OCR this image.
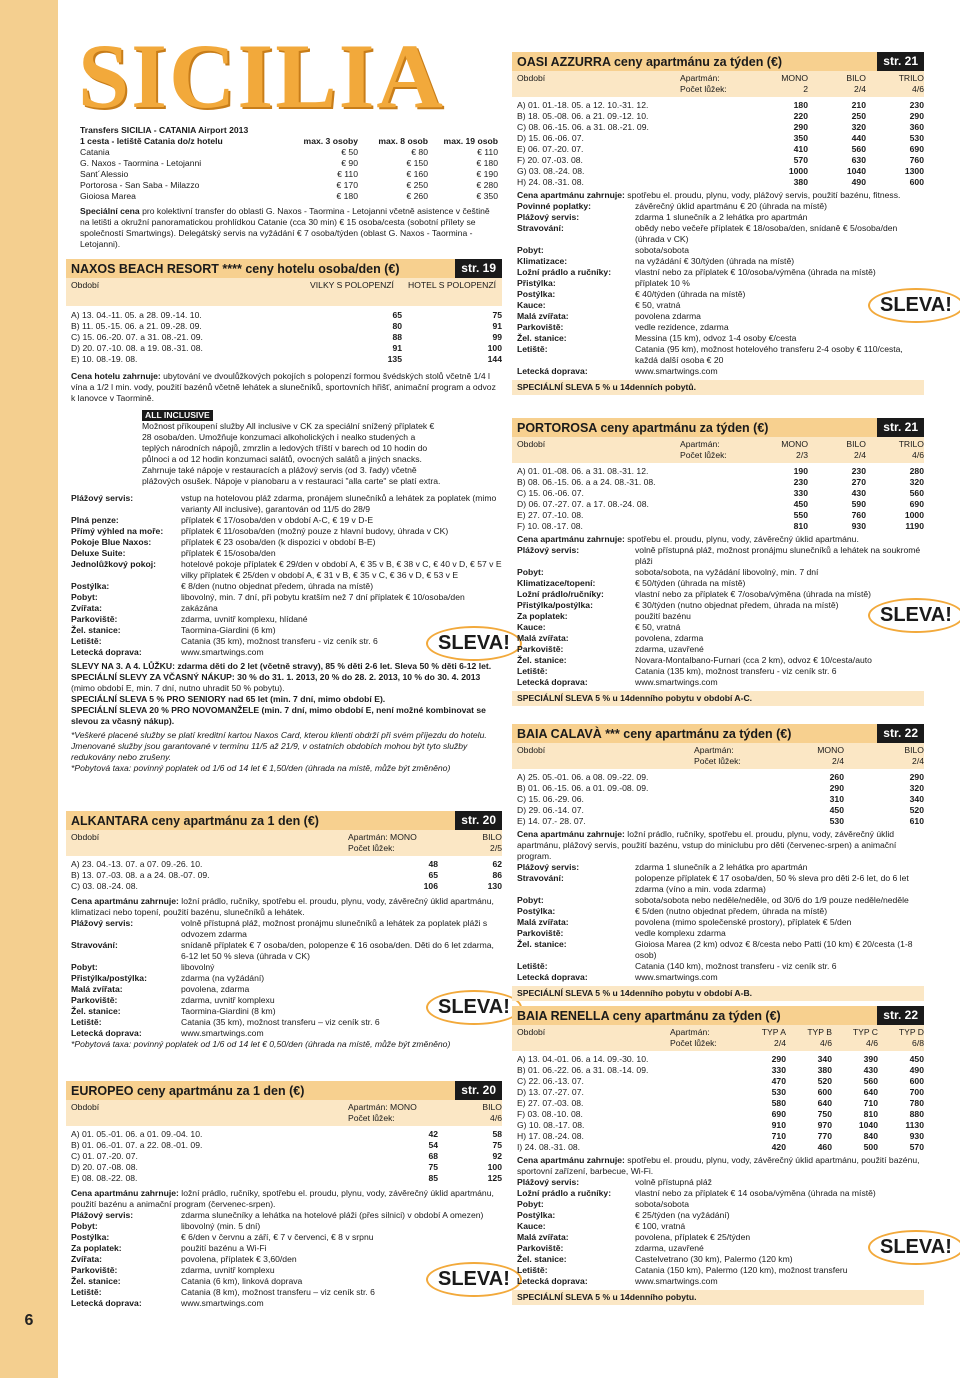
6
SICILIA
Transfers SICILIA - CATANIA Airport 2013
1 cesta - letiště Catania do/z hotelu	max. 3 osoby	max. 8 osob	max. 19 osob
Catania	€ 50	€ 80	€ 110
G. Naxos - Taormina - Letojanni	€ 90	€ 150	€ 180
Sant´Alessio	€ 110	€ 160	€ 190
Portorosa - San Saba - Milazzo	€ 170	€ 250	€ 280
Gioiosa Marea	€ 180	€ 260	€ 350
Speciální cena pro kolektivní transfer do oblasti G. Naxos - Taormina - Letojanni včetně asistence v češtině na letišti a okružní panoramatickou prohlídkou Catanie (cca 30 min) € 15 osoba/cesta (sobotní přílety se společností Smartwings). Delegátský servis na vyžádání € 7 osoba/týden (oblast G. Naxos - Taormina - Letojanni).
NAXOS BEACH RESORT **** ceny hotelu osoba/den (€)	str. 19
Období	VILKY S POLOPENZÍ	HOTEL S POLOPENZÍ
A) 13. 04.-11. 05. a 28. 09.-14. 10.	65	75
B) 11. 05.-15. 06. a 21. 09.-28. 09.	80	91
C) 15. 06.-20. 07. a 31. 08.-21. 09.	88	99
D) 20. 07.-10. 08. a 19. 08.-31. 08.	91	100
E) 10. 08.-19. 08.	135	144
Cena hotelu zahrnuje: ubytování ve dvoulůžkových pokojích s polopenzí formou švédských stolů včetně 1/4 l vína a 1/2 l min. vody, použití bazénů včetně lehátek a slunečníků, sportovních hřišť, animační program a odvoz k lanovce v Taormině.
ALL INCLUSIVE
Možnost příkoupení služby All inclusive v CK za speciální snížený příplatek € 28 osoba/den. Umožňuje konzumaci alkoholických i nealko studených a teplých národních nápojů, zmrzlin a ledových tříští v barech od 10 hodin do půlnoci a od 12 hodin konzumaci salátů, ovocných salátů a jiných snacks. Zahrnuje také nápoje v restauracích a plážový servis (od 3. řady) včetně plážových osušek. Nápoje v pianobaru a v restauraci "alla carte" se platí extra.
Plážový servis:	vstup na hotelovou pláž zdarma, pronájem slunečníků a lehátek za poplatek (mimo varianty All inclusive), garantován od 11/5 do 28/9
Plná penze:	příplatek € 17/osoba/den v období A-C, € 19 v D-E
Přímý výhled na moře:	příplatek € 11/osoba/den (možný pouze z hlavní budovy, úhrada v CK)
Pokoje Blue Naxos:	příplatek € 23 osoba/den (k dispozici v období B-E)
Deluxe Suite:	příplatek € 15/osoba/den
Jednolůžkový pokoj:	hotelové pokoje příplatek € 29/den v období A, € 35 v B, € 38 v C, € 40 v D, € 57 v E vilky příplatek € 25/den v období A, € 31 v B, € 35 v C, € 36 v D, € 53 v E
Postýlka:	€ 8/den (nutno objednat předem, úhrada na místě)
Pobyt:	libovolný, min. 7 dní, při pobytu kratším než 7 dní příplatek € 10/osoba/den
Zvířata:	zakázána
Parkoviště:	zdarma, uvnitř komplexu, hlídané
Žel. stanice:	Taormina-Giardini (6 km)
Letiště:	Catania (35 km), možnost transferu - viz ceník str. 6
Letecká doprava:	www.smartwings.com
SLEVY NA 3. A 4. LŮŽKU: zdarma děti do 2 let (včetně stravy), 85 % děti 2-6 let. Sleva 50 % děti 6-12 let.
SPECIÁLNÍ SLEVY ZA VČASNÝ NÁKUP: 30 % do 31. 1. 2013, 20 % do 28. 2. 2013, 10 % do 30. 4. 2013
(mimo období E, min. 7 dní, nutno uhradit 50 % pobytu).
SPECIÁLNÍ SLEVA 5 % PRO SENIORY nad 65 let (min. 7 dní, mimo období E).
SPECIÁLNÍ SLEVA 20 % PRO NOVOMANŽELE (min. 7 dní, mimo období E, není možné kombinovat se slevou za včasný nákup).
*Veškeré placené služby se platí kreditní kartou Naxos Card, kterou klienti obdrží při svém příjezdu do hotelu.
Jmenované služby jsou garantované v termínu 11/5 až 21/9, v ostatních obdobích mohou být tyto služby redukovány nebo zrušeny.
*Pobytová taxa: povinný poplatek od 1/6 od 14 let € 1,50/den (úhrada na místě, může být změněno)
SLEVA!
ALKANTARA ceny apartmánu za 1 den (€)	str. 20
Období	Apartmán: MONO	BILO
Počet lůžek:	2/5
A) 23. 04.-13. 07. a 07. 09.-26. 10.	48	62
B) 13. 07.-03. 08. a a 24. 08.-07. 09.	65	86
C) 03. 08.-24. 08.	106	130
Cena apartmánu zahrnuje: ložní prádlo, ručníky, spotřebu el. proudu, plynu, vody, závěrečný úklid apartmánu, klimatizaci nebo topení, použití bazénu, slunečníků a lehátek.
Plážový servis:	volně přístupná pláž, možnost pronájmu slunečníků a lehátek za poplatek pláži s odvozem zdarma
Stravování:	snídaně příplatek € 7 osoba/den, polopenze € 16 osoba/den. Děti do 6 let zdarma, 6-12 let 50 % sleva (úhrada v CK)
Pobyt:	libovolný
Přistýlka/postýlka:	zdarma (na vyžádání)
Malá zvířata:	povolena, zdarma
Parkoviště:	zdarma, uvnitř komplexu
Žel. stanice:	Taormina-Giardini (8 km)
Letiště:	Catania (35 km), možnost transferu – viz ceník str. 6
Letecká doprava:	www.smartwings.com
*Pobytová taxa: povinný poplatek od 1/6 od 14 let € 0,50/den (úhrada na místě, může být změněno)
SLEVA!
EUROPEO ceny apartmánu za 1 den (€)	str. 20
Období	Apartmán: MONO	BILO
Počet lůžek:	4/6
A) 01. 05.-01. 06. a 01. 09.-04. 10.	42	58
B) 01. 06.-01. 07. a 22. 08.-01. 09.	54	75
C) 01. 07.-20. 07.	68	92
D) 20. 07.-08. 08.	75	100
E) 08. 08.-22. 08.	85	125
Cena apartmánu zahrnuje: ložní prádlo, ručníky, spotřebu el. proudu, plynu, vody, závěrečný úklid apartmánu, použití bazénu a animační program (červenec-srpen).
Plážový servis:	zdarma slunečníky a lehátka na hotelové pláži (přes silnici) v období A omezen)
Pobyt:	libovolný (min. 5 dní)
Postýlka:	€ 6/den v červnu a září, € 7 v červenci, € 8 v srpnu
Za poplatek:	použití bazénu a Wi-Fi
Zvířata:	povolena, příplatek € 3,60/den
Parkoviště:	zdarma, uvnitř komplexu
Žel. stanice:	Catania (6 km), linková doprava
Letiště:	Catania (8 km), možnost transferu – viz ceník str. 6
Letecká doprava:	www.smartwings.com
SLEVA!
OASI AZZURRA ceny apartmánu za týden (€)	str. 21
Období	Apartmán:	MONO	BILO	TRILO
Počet lůžek:	2	2/4	4/6
A) 01. 01.-18. 05. a 12. 10.-31. 12.	180	210	230
B) 18. 05.-08. 06. a 21. 09.-12. 10.	220	250	290
C) 08. 06.-15. 06. a 31. 08.-21. 09.	290	320	360
D) 15. 06.-06. 07.	350	440	530
E) 06. 07.-20. 07.	410	560	690
F) 20. 07.-03. 08.	570	630	760
G) 03. 08.-24. 08.	1000	1040	1300
H) 24. 08.-31. 08.	380	490	600
Cena apartmánu zahrnuje: spotřebu el. proudu, plynu, vody, plážový servis, použití bazénu, fitness.
Povinné poplatky:	závěrečný úklid apartmánu € 20 (úhrada na místě)
Plážový servis:	zdarma 1 slunečník a 2 lehátka pro apartmán
Stravování:	obědy nebo večeře příplatek € 18/osoba/den, snídaně € 5/osoba/den (úhrada v CK)
Pobyt:	sobota/sobota
Klimatizace:	na vyžádání € 30/týden (úhrada na místě)
Ložní prádlo a ručníky:	vlastní nebo za příplatek € 10/osoba/výměna (úhrada na místě)
Přistýlka:	příplatek 10 %
Postýlka:	€ 40/týden (úhrada na místě)
Kauce:	€ 50, vratná
Malá zvířata:	povolena zdarma
Parkoviště:	vedle rezidence, zdarma
Žel. stanice:	Messina (15 km), odvoz 1-4 osoby €/cesta
Letiště:	Catania (95 km), možnost hotelového transferu 2-4 osoby € 110/cesta, každá další osoba € 20
Letecká doprava:	www.smartwings.com
SPECIÁLNÍ SLEVA 5 % u 14denních pobytů.
SLEVA!
PORTOROSA ceny apartmánu za týden (€)	str. 21
Období	Apartmán:	MONO	BILO	TRILO
Počet lůžek:	2/3	2/4	4/6
A) 01. 01.-08. 06. a 31. 08.-31. 12.	190	230	280
B) 08. 06.-15. 06. a a 24. 08.-31. 08.	230	270	320
C) 15. 06.-06. 07.	330	430	560
D) 06. 07.-27. 07. a 17. 08.-24. 08.	450	590	690
E) 27. 07.-10. 08.	550	760	1000
F) 10. 08.-17. 08.	810	930	1190
Cena apartmánu zahrnuje: spotřebu el. proudu, plynu, vody, závěrečný úklid apartmánu.
Plážový servis:	volně přístupná pláž, možnost pronájmu slunečníků a lehátek na soukromé pláži
Pobyt:	sobota/sobota, na vyžádání libovolný, min. 7 dní
Klimatizace/topení:	€ 50/týden (úhrada na místě)
Ložní prádlo/ručníky:	vlastní nebo za příplatek € 7/osoba/výměna (úhrada na místě)
Přistýlka/postýlka:	€ 30/týden (nutno objednat předem, úhrada na místě)
Za poplatek:	použití bazénu
Kauce:	€ 50, vratná
Malá zvířata:	povolena, zdarma
Parkoviště:	zdarma, uzavřené
Žel. stanice:	Novara-Montalbano-Furnari (cca 2 km), odvoz € 10/cesta/auto
Letiště:	Catania (135 km), možnost transferu - viz ceník str. 6
Letecká doprava:	www.smartwings.com
SPECIÁLNÍ SLEVA 5 % u 14denního pobytu v období A-C.
SLEVA!
BAIA CALAVÀ *** ceny apartmánu za týden (€)	str. 22
Období	Apartmán:	MONO	BILO
Počet lůžek:	2/4	2/4
A) 25. 05.-01. 06. a 08. 09.-22. 09.	260	290
B) 01. 06.-15. 06. a 01. 09.-08. 09.	290	320
C) 15. 06.-29. 06.	310	340
D) 29. 06.-14. 07.	450	520
E) 14. 07.- 28. 07.	530	610
Cena apartmánu zahrnuje: ložní prádlo, ručníky, spotřebu el. proudu, plynu, vody, závěrečný úklid apartmánu, plážový servis, použití bazénu, vstup do miniclubu pro děti (červenec-srpen) a animační program.
Plážový servis:	zdarma 1 slunečník a 2 lehátka pro apartmán
Stravování:	polopenze příplatek € 17 osoba/den, 50 % sleva pro děti 2-6 let, do 6 let zdarma (víno a min. voda zdarma)
Pobyt:	sobota/sobota nebo neděle/neděle, od 30/6 do 1/9 pouze neděle/neděle
Postýlka:	€ 5/den (nutno objednat předem, úhrada na místě)
Malá zvířata:	povolena (mimo společenské prostory), příplatek € 5/den
Parkoviště:	vedle komplexu zdarma
Žel. stanice:	Gioiosa Marea (2 km) odvoz € 8/cesta nebo Patti (10 km) € 20/cesta (1-8 osob)
Letiště:	Catania (140 km), možnost transferu - viz ceník str. 6
Letecká doprava:	www.smartwings.com
SPECIÁLNÍ SLEVA 5 % u 14denního pobytu v období A-B.
BAIA RENELLA ceny apartmánu za týden (€)	str. 22
Období	Apartmán:	TYP A	TYP B	TYP C	TYP D
Počet lůžek:	2/4	4/6	4/6	6/8
A) 13. 04.-01. 06. a 14. 09.-30. 10.	290	340	390	450
B) 01. 06.-22. 06. a 31. 08.-14. 09.	330	380	430	490
C) 22. 06.-13. 07.	470	520	560	600
D) 13. 07.-27. 07.	530	600	640	700
E) 27. 07.-03. 08.	580	640	710	780
F) 03. 08.-10. 08.	690	750	810	880
G) 10. 08.-17. 08.	910	970	1040	1130
H) 17. 08.-24. 08.	710	770	840	930
I) 24. 08.-31. 08.	420	460	500	570
Cena apartmánu zahrnuje: spotřebu el. proudu, plynu, vody, závěrečný úklid apartmánu, použití bazénu, sportovní zařízení, barbecue, Wi-Fi.
Plážový servis:	volně přístupná pláž
Ložní prádlo a ručníky:	vlastní nebo za příplatek € 14 osoba/výměna (úhrada na místě)
Pobyt:	sobota/sobota
Postýlka:	€ 25/týden (na vyžádání)
Kauce:	€ 100, vratná
Malá zvířata:	povolena, příplatek € 25/týden
Parkoviště:	zdarma, uzavřené
Žel. stanice:	Castelvetrano (30 km), Palermo (120 km)
Letiště:	Catania (150 km), Palermo (120 km), možnost transferu
Letecká doprava:	www.smartwings.com
SPECIÁLNÍ SLEVA 5 % u 14denního pobytu.
SLEVA!
